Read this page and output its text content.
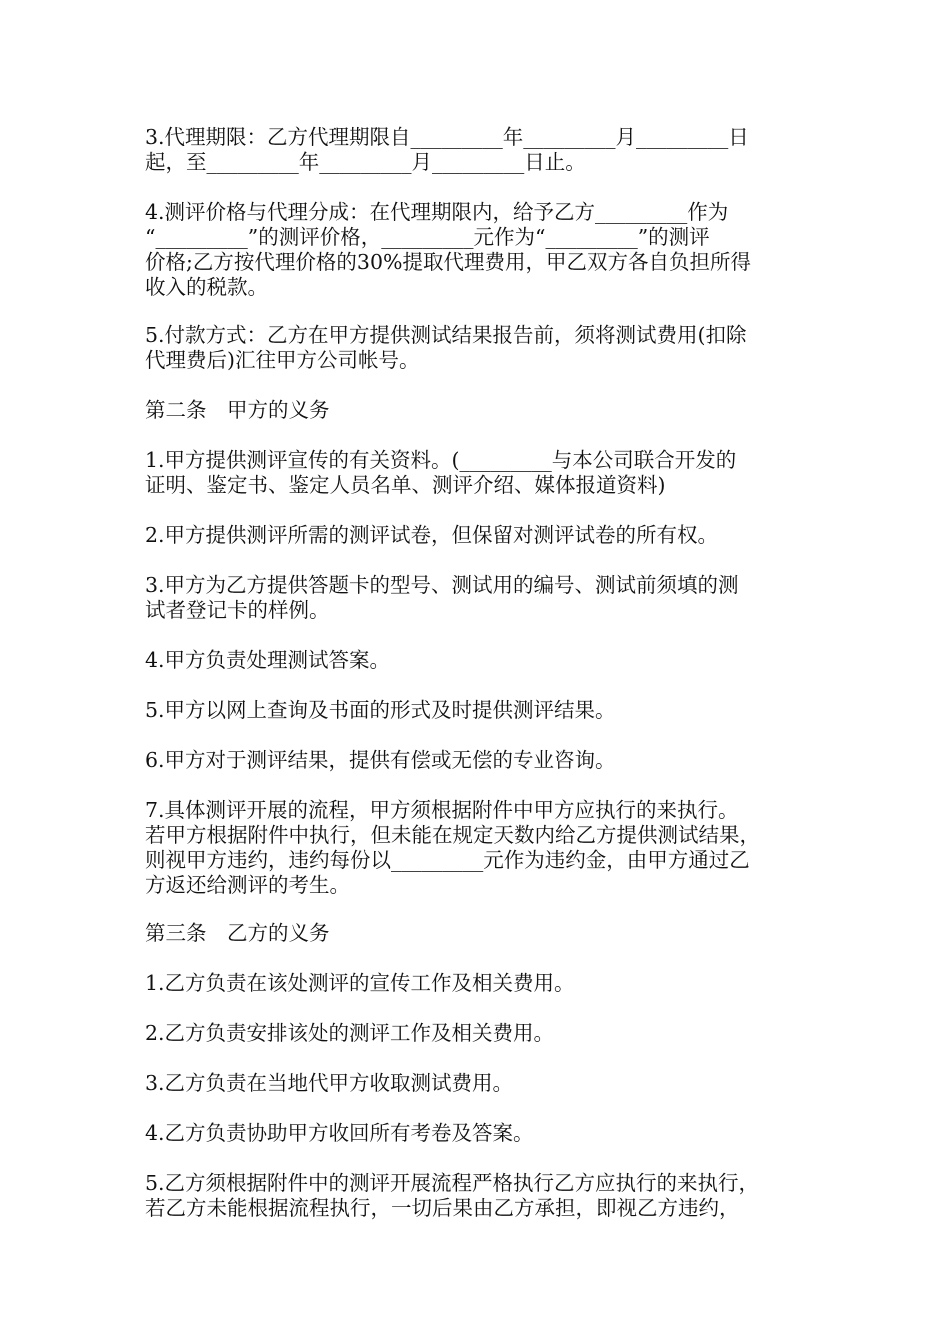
3.代理期限：乙方代理期限自_________年_________月_________日
起，至_________年_________月_________日止。

4.测评价格与代理分成：在代理期限内，给予乙方_________作为
“_________”的测评价格，_________元作为“_________”的测评
价格;乙方按代理价格的30%提取代理费用，甲乙双方各自负担所得
收入的税款。

5.付款方式：乙方在甲方提供测试结果报告前，须将测试费用(扣除
代理费后)汇往甲方公司帐号。

第二条　甲方的义务

1.甲方提供测评宣传的有关资料。(_________与本公司联合开发的
证明、鉴定书、鉴定人员名单、测评介绍、媒体报道资料)

2.甲方提供测评所需的测评试卷，但保留对测评试卷的所有权。

3.甲方为乙方提供答题卡的型号、测试用的编号、测试前须填的测
试者登记卡的样例。

4.甲方负责处理测试答案。

5.甲方以网上查询及书面的形式及时提供测评结果。

6.甲方对于测评结果，提供有偿或无偿的专业咨询。

7.具体测评开展的流程，甲方须根据附件中甲方应执行的来执行。
若甲方根据附件中执行，但未能在规定天数内给乙方提供测试结果，
则视甲方违约，违约每份以_________元作为违约金，由甲方通过乙
方返还给测评的考生。

第三条　乙方的义务

1.乙方负责在该处测评的宣传工作及相关费用。

2.乙方负责安排该处的测评工作及相关费用。

3.乙方负责在当地代甲方收取测试费用。

4.乙方负责协助甲方收回所有考卷及答案。

5.乙方须根据附件中的测评开展流程严格执行乙方应执行的来执行，
若乙方未能根据流程执行，一切后果由乙方承担，即视乙方违约，
